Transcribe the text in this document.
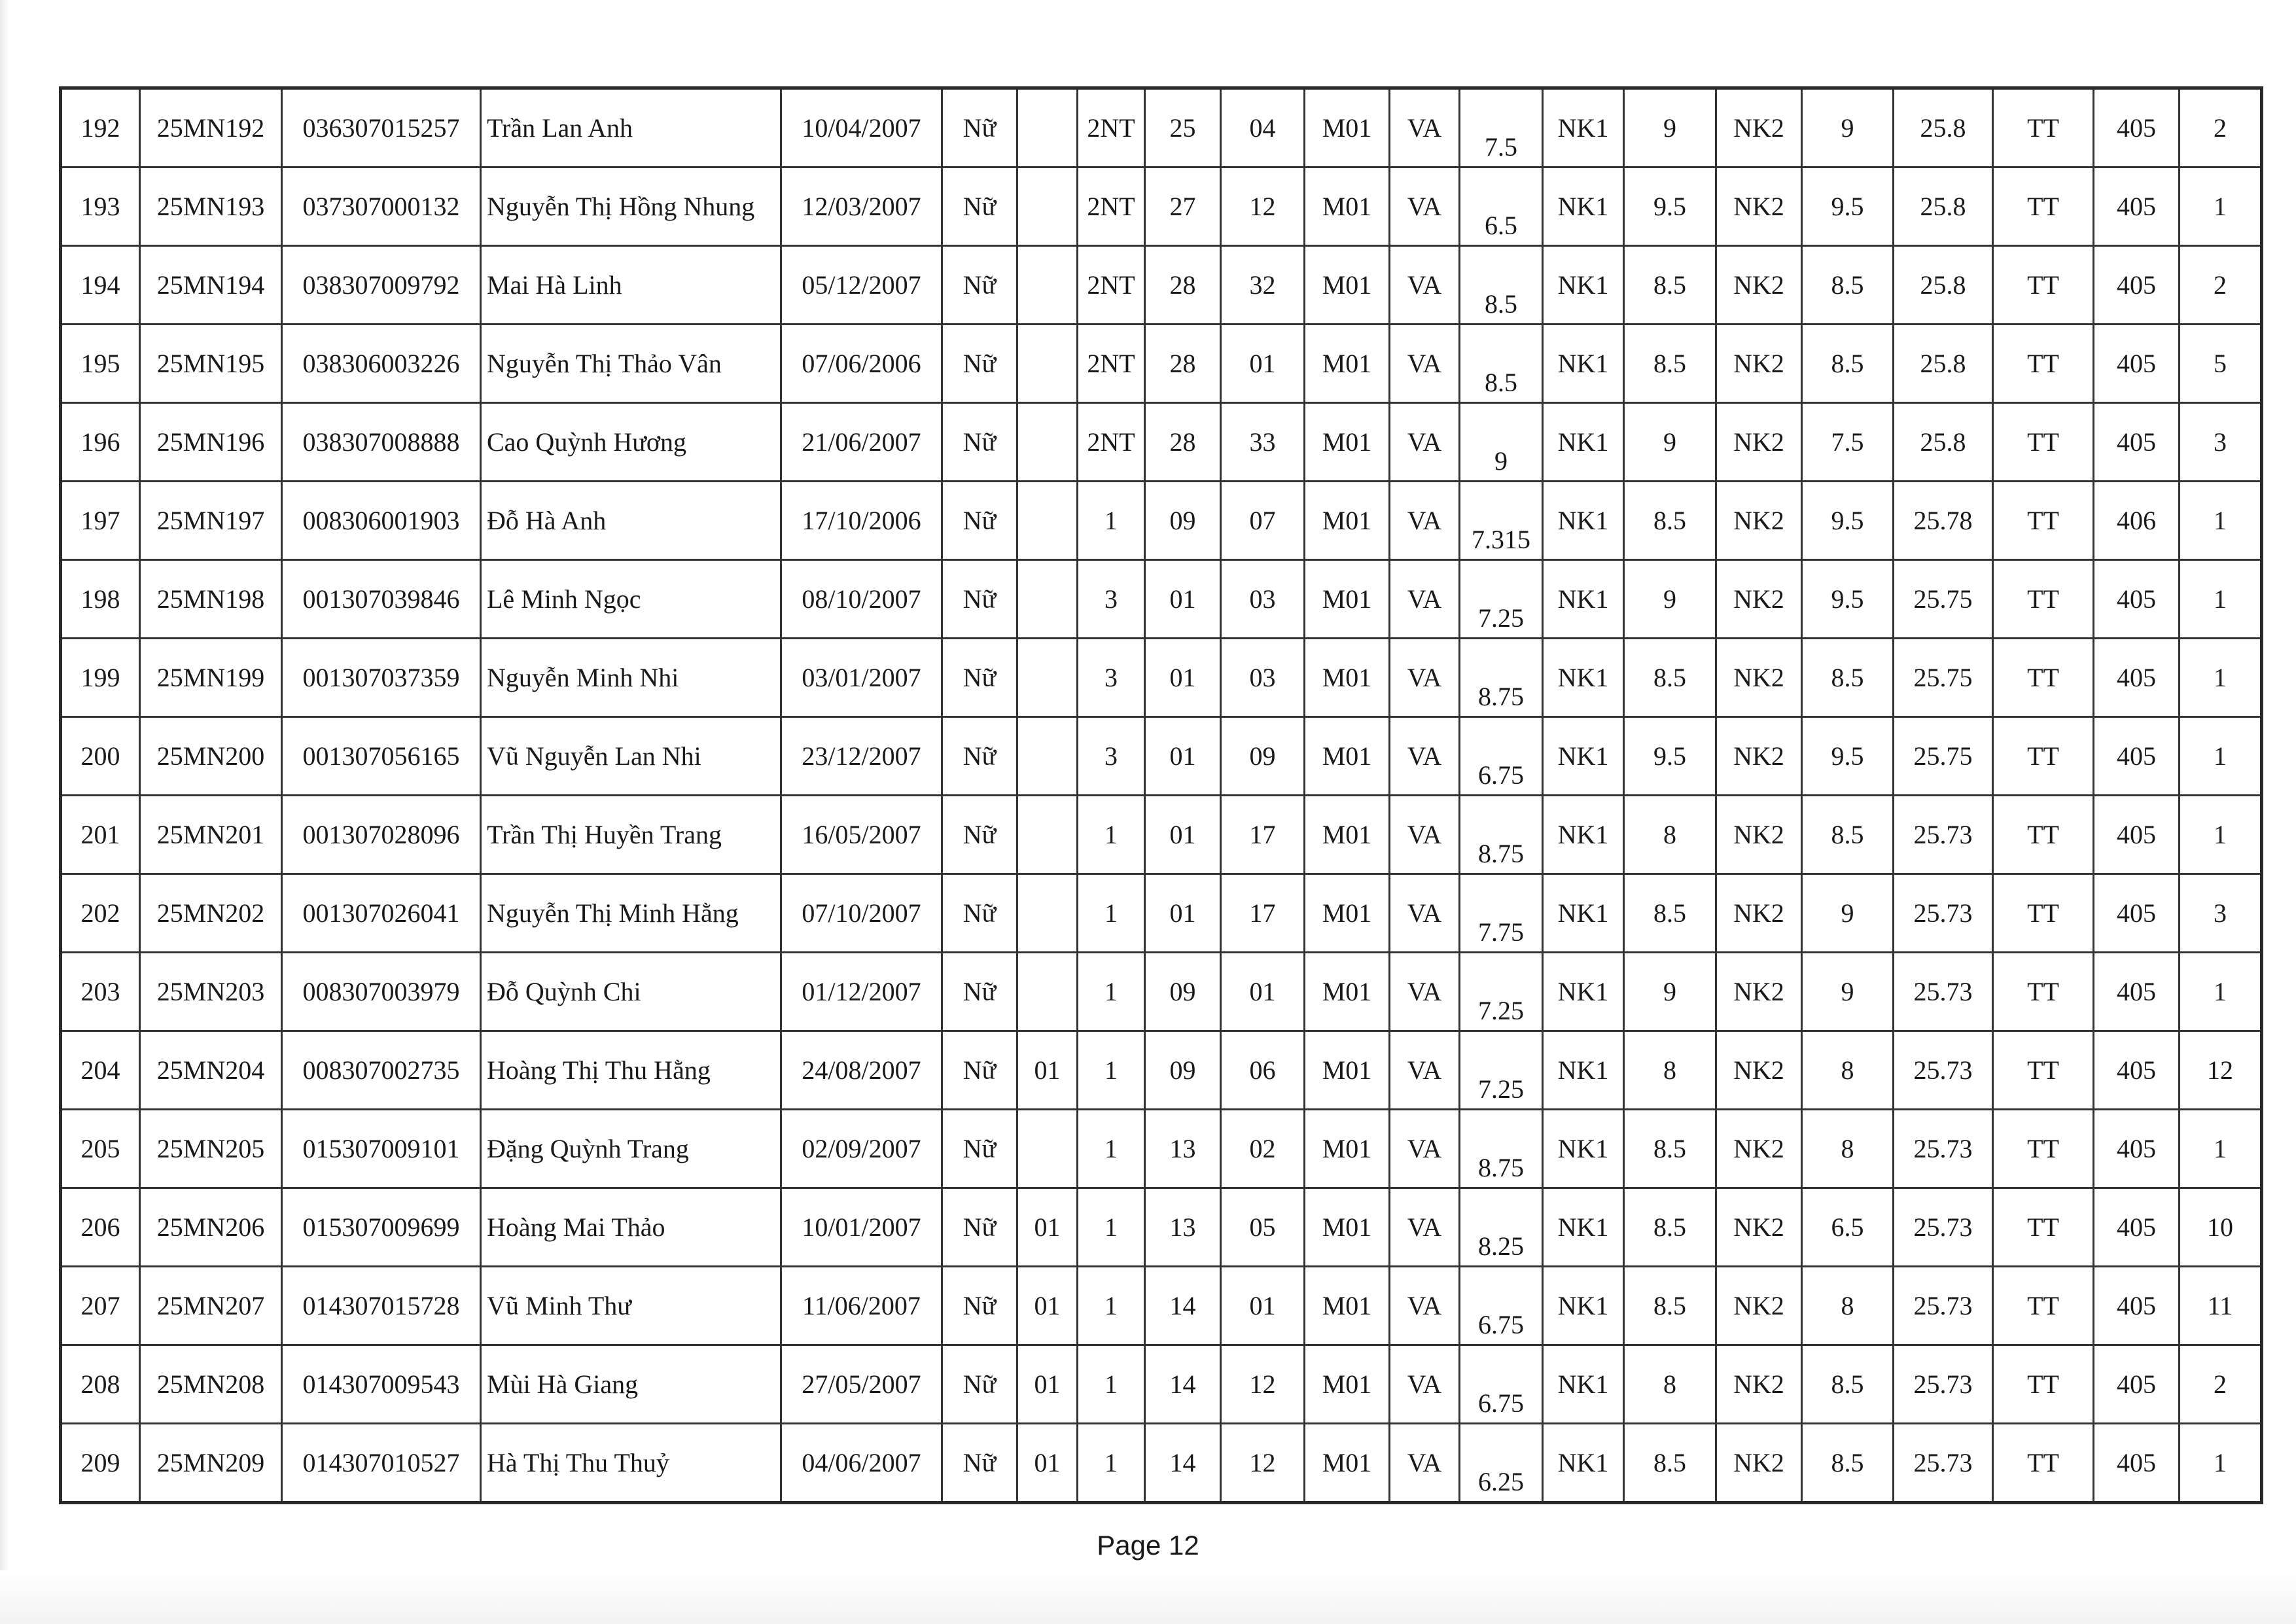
192	25MN192	036307015257	Trần Lan Anh	10/04/2007	Nữ		2NT	25	04	M01	VA	7.5	NK1	9	NK2	9	25.8	TT	405	2
193	25MN193	037307000132	Nguyễn Thị Hồng Nhung	12/03/2007	Nữ		2NT	27	12	M01	VA	6.5	NK1	9.5	NK2	9.5	25.8	TT	405	1
194	25MN194	038307009792	Mai Hà Linh	05/12/2007	Nữ		2NT	28	32	M01	VA	8.5	NK1	8.5	NK2	8.5	25.8	TT	405	2
195	25MN195	038306003226	Nguyễn Thị Thảo Vân	07/06/2006	Nữ		2NT	28	01	M01	VA	8.5	NK1	8.5	NK2	8.5	25.8	TT	405	5
196	25MN196	038307008888	Cao Quỳnh Hương	21/06/2007	Nữ		2NT	28	33	M01	VA	9	NK1	9	NK2	7.5	25.8	TT	405	3
197	25MN197	008306001903	Đỗ Hà Anh	17/10/2006	Nữ		1	09	07	M01	VA	7.315	NK1	8.5	NK2	9.5	25.78	TT	406	1
198	25MN198	001307039846	Lê Minh Ngọc	08/10/2007	Nữ		3	01	03	M01	VA	7.25	NK1	9	NK2	9.5	25.75	TT	405	1
199	25MN199	001307037359	Nguyễn Minh Nhi	03/01/2007	Nữ		3	01	03	M01	VA	8.75	NK1	8.5	NK2	8.5	25.75	TT	405	1
200	25MN200	001307056165	Vũ Nguyễn Lan Nhi	23/12/2007	Nữ		3	01	09	M01	VA	6.75	NK1	9.5	NK2	9.5	25.75	TT	405	1
201	25MN201	001307028096	Trần Thị Huyền Trang	16/05/2007	Nữ		1	01	17	M01	VA	8.75	NK1	8	NK2	8.5	25.73	TT	405	1
202	25MN202	001307026041	Nguyễn Thị Minh Hằng	07/10/2007	Nữ		1	01	17	M01	VA	7.75	NK1	8.5	NK2	9	25.73	TT	405	3
203	25MN203	008307003979	Đỗ Quỳnh Chi	01/12/2007	Nữ		1	09	01	M01	VA	7.25	NK1	9	NK2	9	25.73	TT	405	1
204	25MN204	008307002735	Hoàng Thị Thu Hằng	24/08/2007	Nữ	01	1	09	06	M01	VA	7.25	NK1	8	NK2	8	25.73	TT	405	12
205	25MN205	015307009101	Đặng Quỳnh Trang	02/09/2007	Nữ		1	13	02	M01	VA	8.75	NK1	8.5	NK2	8	25.73	TT	405	1
206	25MN206	015307009699	Hoàng Mai Thảo	10/01/2007	Nữ	01	1	13	05	M01	VA	8.25	NK1	8.5	NK2	6.5	25.73	TT	405	10
207	25MN207	014307015728	Vũ Minh Thư	11/06/2007	Nữ	01	1	14	01	M01	VA	6.75	NK1	8.5	NK2	8	25.73	TT	405	11
208	25MN208	014307009543	Mùi Hà Giang	27/05/2007	Nữ	01	1	14	12	M01	VA	6.75	NK1	8	NK2	8.5	25.73	TT	405	2
209	25MN209	014307010527	Hà Thị Thu Thuỷ	04/06/2007	Nữ	01	1	14	12	M01	VA	6.25	NK1	8.5	NK2	8.5	25.73	TT	405	1
Page 12
